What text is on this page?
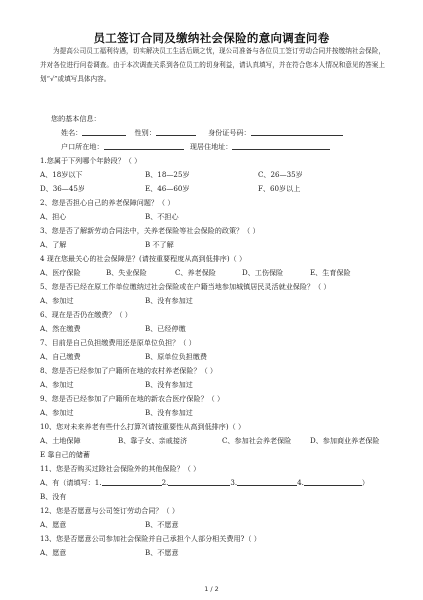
员工签订合同及缴纳社会保险的意向调查问卷
为提高公司员工福利待遇，切实解决员工生活后顾之忧，现公司准备与各位员工签订劳动合同并按缴纳社会保险，并对各位进行问卷调查。由于本次调查关系到各位员工的切身利益，请认真填写，并在符合您本人情况和意见的答案上划“√”或填写具体内容。
您的基本信息：
姓名：	性别：	身份证号码：
户口所在地：	现居住地址：
1.您属于下列哪个年龄段？（ ）
A、18岁以下	B、18—25岁	C、26—35岁
D、36—45岁	E、46—60岁	F、60岁以上
2、您是否担心自己的养老保障问题？（ ）
A、担心	B、不担心
3、您是否了解新劳动合同法中，关养老保险等社会保险的政策？（ ）
A、了解	B 不了解
4 现在您最关心的社会保障是？(请按重要程度从高到低排序)（ ）
A、医疗保险	B、失业保险	C、养老保险	D、工伤保险	E、生育保险
5、您是否已经在原工作单位缴纳过社会保险或在户籍当地参加城镇居民灵活就业保险？（ ）
A、参加过	B、没有参加过
6、现在是否仍在缴费？（ ）
A、然在缴费	B、已经停缴
7、目前是自己负担缴费用还是原单位负担？（ ）
A、自己缴费	B、原单位负担缴费
8、您是否已经参加了户籍所在地的农村养老保险？（ ）
A、参加过	B、没有参加过
9、您是否已经参加了户籍所在地的新农合医疗保险？（ ）
A、参加过	B、没有参加过
10、您对未来养老有些什么打算?(请按重要性从高到低排序)（ ）
A、土地保障	B、靠子女、亲戚接济	C、参加社会养老保险	D、参加商业养老保险
E 靠自己的储蓄
11、您是否购买过除社会保险外的其他保险？（ ）
A、有（请填写：1.	2.	3.	4.	）
B、没有
12、您是否愿意与公司签订劳动合同？（ ）
A、愿意	B、不愿意
13、您是否愿意公司参加社会保险并自己承担个人部分相关费用?（ ）
A、愿意	B、不愿意
1 / 2
